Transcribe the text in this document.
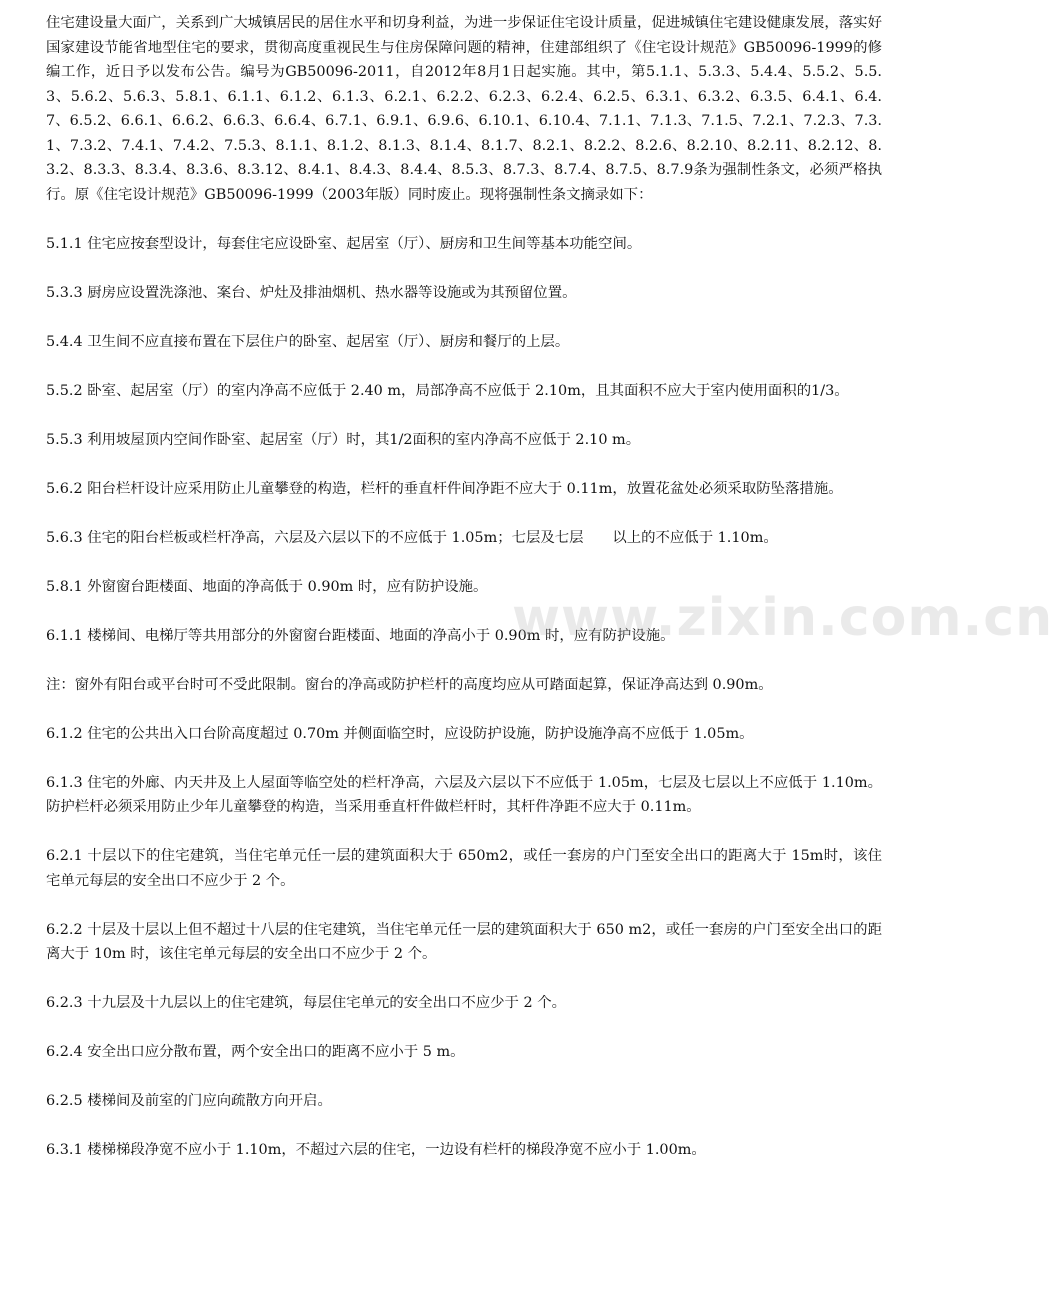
住宅建设量大面广，关系到广大城镇居民的居住水平和切身利益，为进一步保证住宅设计质量，促进城镇住宅建设健康发展，落实好国家建设节能省地型住宅的要求，贯彻高度重视民生与住房保障问题的精神，住建部组织了《住宅设计规范》GB50096-1999的修编工作，近日予以发布公告。编号为GB50096-2011，自2012年8月1日起实施。其中，第5.1.1、5.3.3、5.4.4、5.5.2、5.5.3、5.6.2、5.6.3、5.8.1、6.1.1、6.1.2、6.1.3、6.2.1、6.2.2、6.2.3、6.2.4、6.2.5、6.3.1、6.3.2、6.3.5、6.4.1、6.4.7、6.5.2、6.6.1、6.6.2、6.6.3、6.6.4、6.7.1、6.9.1、6.9.6、6.10.1、6.10.4、7.1.1、7.1.3、7.1.5、7.2.1、7.2.3、7.3.1、7.3.2、7.4.1、7.4.2、7.5.3、8.1.1、8.1.2、8.1.3、8.1.4、8.1.7、8.2.1、8.2.2、8.2.6、8.2.10、8.2.11、8.2.12、8.3.2、8.3.3、8.3.4、8.3.6、8.3.12、8.4.1、8.4.3、8.4.4、8.5.3、8.7.3、8.7.4、8.7.5、8.7.9条为强制性条文，必须严格执行。原《住宅设计规范》GB50096-1999（2003年版）同时废止。现将强制性条文摘录如下：

5.1.1 住宅应按套型设计，每套住宅应设卧室、起居室（厅）、厨房和卫生间等基本功能空间。

5.3.3 厨房应设置洗涤池、案台、炉灶及排油烟机、热水器等设施或为其预留位置。

5.4.4 卫生间不应直接布置在下层住户的卧室、起居室（厅）、厨房和餐厅的上层。

5.5.2 卧室、起居室（厅）的室内净高不应低于 2.40 m，局部净高不应低于 2.10m，且其面积不应大于室内使用面积的1/3。

5.5.3 利用坡屋顶内空间作卧室、起居室（厅）时，其1/2面积的室内净高不应低于 2.10 m。

5.6.2 阳台栏杆设计应采用防止儿童攀登的构造，栏杆的垂直杆件间净距不应大于 0.11m，放置花盆处必须采取防坠落措施。

5.6.3 住宅的阳台栏板或栏杆净高，六层及六层以下的不应低于 1.05m；七层及七层　　以上的不应低于 1.10m。

5.8.1 外窗窗台距楼面、地面的净高低于 0.90m 时，应有防护设施。

6.1.1 楼梯间、电梯厅等共用部分的外窗窗台距楼面、地面的净高小于 0.90m 时，应有防护设施。

注：窗外有阳台或平台时可不受此限制。窗台的净高或防护栏杆的高度均应从可踏面起算，保证净高达到 0.90m。

6.1.2 住宅的公共出入口台阶高度超过 0.70m 并侧面临空时，应设防护设施，防护设施净高不应低于 1.05m。

6.1.3 住宅的外廊、内天井及上人屋面等临空处的栏杆净高，六层及六层以下不应低于 1.05m，七层及七层以上不应低于 1.10m。防护栏杆必须采用防止少年儿童攀登的构造，当采用垂直杆件做栏杆时，其杆件净距不应大于 0.11m。

6.2.1 十层以下的住宅建筑，当住宅单元任一层的建筑面积大于 650m2，或任一套房的户门至安全出口的距离大于 15m时，该住宅单元每层的安全出口不应少于 2 个。

6.2.2 十层及十层以上但不超过十八层的住宅建筑，当住宅单元任一层的建筑面积大于 650 m2，或任一套房的户门至安全出口的距离大于 10m 时，该住宅单元每层的安全出口不应少于 2 个。

6.2.3 十九层及十九层以上的住宅建筑，每层住宅单元的安全出口不应少于 2 个。

6.2.4 安全出口应分散布置，两个安全出口的距离不应小于 5 m。

6.2.5 楼梯间及前室的门应向疏散方向开启。

6.3.1 楼梯梯段净宽不应小于 1.10m，不超过六层的住宅，一边设有栏杆的梯段净宽不应小于 1.00m。

www.zixin.com.cn
